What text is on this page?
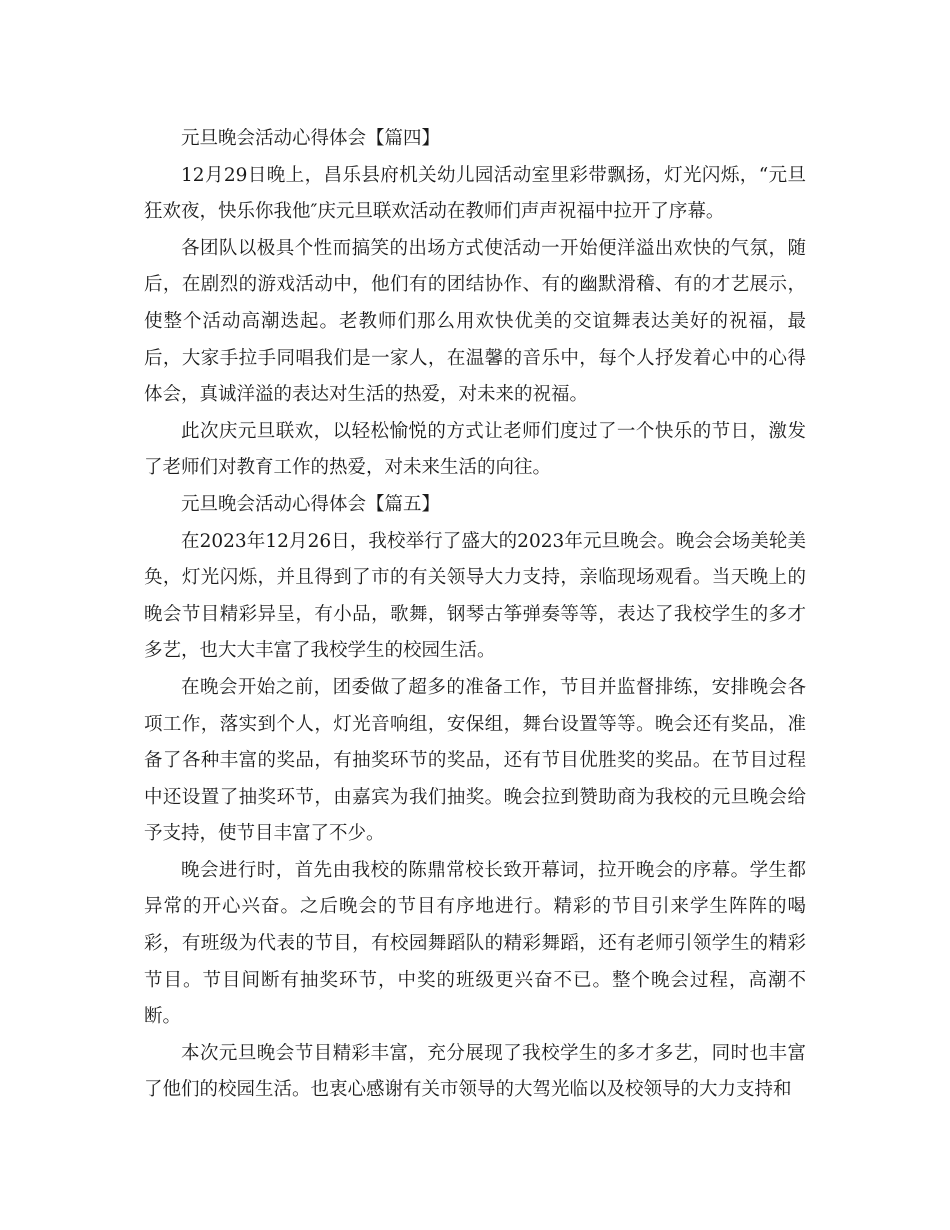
元旦晚会活动心得体会【篇四】

12月29日晚上，昌乐县府机关幼儿园活动室里彩带飘扬，灯光闪烁，“元旦狂欢夜，快乐你我他″庆元旦联欢活动在教师们声声祝福中拉开了序幕。

各团队以极具个性而搞笑的出场方式使活动一开始便洋溢出欢快的气氛，随后，在剧烈的游戏活动中，他们有的团结协作、有的幽默滑稽、有的才艺展示，使整个活动高潮迭起。老教师们那么用欢快优美的交谊舞表达美好的祝福，最后，大家手拉手同唱我们是一家人，在温馨的音乐中，每个人抒发着心中的心得体会，真诚洋溢的表达对生活的热爱，对未来的祝福。

此次庆元旦联欢，以轻松愉悦的方式让老师们度过了一个快乐的节日，激发了老师们对教育工作的热爱，对未来生活的向往。

元旦晚会活动心得体会【篇五】

在2023年12月26日，我校举行了盛大的2023年元旦晚会。晚会会场美轮美奂，灯光闪烁，并且得到了市的有关领导大力支持，亲临现场观看。当天晚上的晚会节目精彩异呈，有小品，歌舞，钢琴古筝弹奏等等，表达了我校学生的多才多艺，也大大丰富了我校学生的校园生活。

在晚会开始之前，团委做了超多的准备工作，节目并监督排练，安排晚会各项工作，落实到个人，灯光音响组，安保组，舞台设置等等。晚会还有奖品，准备了各种丰富的奖品，有抽奖环节的奖品，还有节目优胜奖的奖品。在节目过程中还设置了抽奖环节，由嘉宾为我们抽奖。晚会拉到赞助商为我校的元旦晚会给予支持，使节目丰富了不少。

晚会进行时，首先由我校的陈鼎常校长致开幕词，拉开晚会的序幕。学生都异常的开心兴奋。之后晚会的节目有序地进行。精彩的节目引来学生阵阵的喝彩，有班级为代表的节目，有校园舞蹈队的精彩舞蹈，还有老师引领学生的精彩节目。节目间断有抽奖环节，中奖的班级更兴奋不已。整个晚会过程，高潮不断。

本次元旦晚会节目精彩丰富，充分展现了我校学生的多才多艺，同时也丰富了他们的校园生活。也衷心感谢有关市领导的大驾光临以及校领导的大力支持和
